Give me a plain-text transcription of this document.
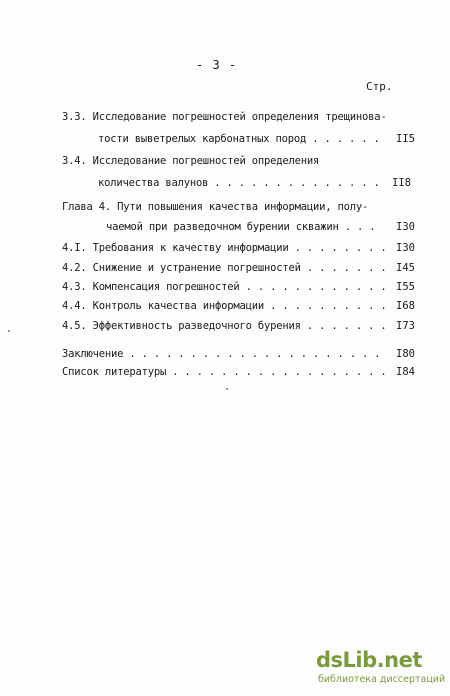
- 3 -
Стр.
3.3. Исследование погрешностей определения трещинова-
тости выветрелых карбонатных пород . . . . . . II5
3.4. Исследование погрешностей определения
количества валунов . . . . . . . . . . . . . . II8
Глава 4. Пути повышения качества информации, полу-
чаемой при разведочном бурении скважин . . . I30
4.I. Требования к качеству информации . . . . . . . . I30
4.2. Снижение и устранение погрешностей . . . . . . . I45
4.3. Компенсация погрешностей . . . . . . . . . . . . I55
4.4. Контроль качества информации . . . . . . . . . . I68
4.5. Эффективность разведочного бурения . . . . . . . I73
Заключение . . . . . . . . . . . . . . . . . . . . . I80
Список литературы . . . . . . . . . . . . . . . . . . I84
dsLib.net
библиотека диссертаций
